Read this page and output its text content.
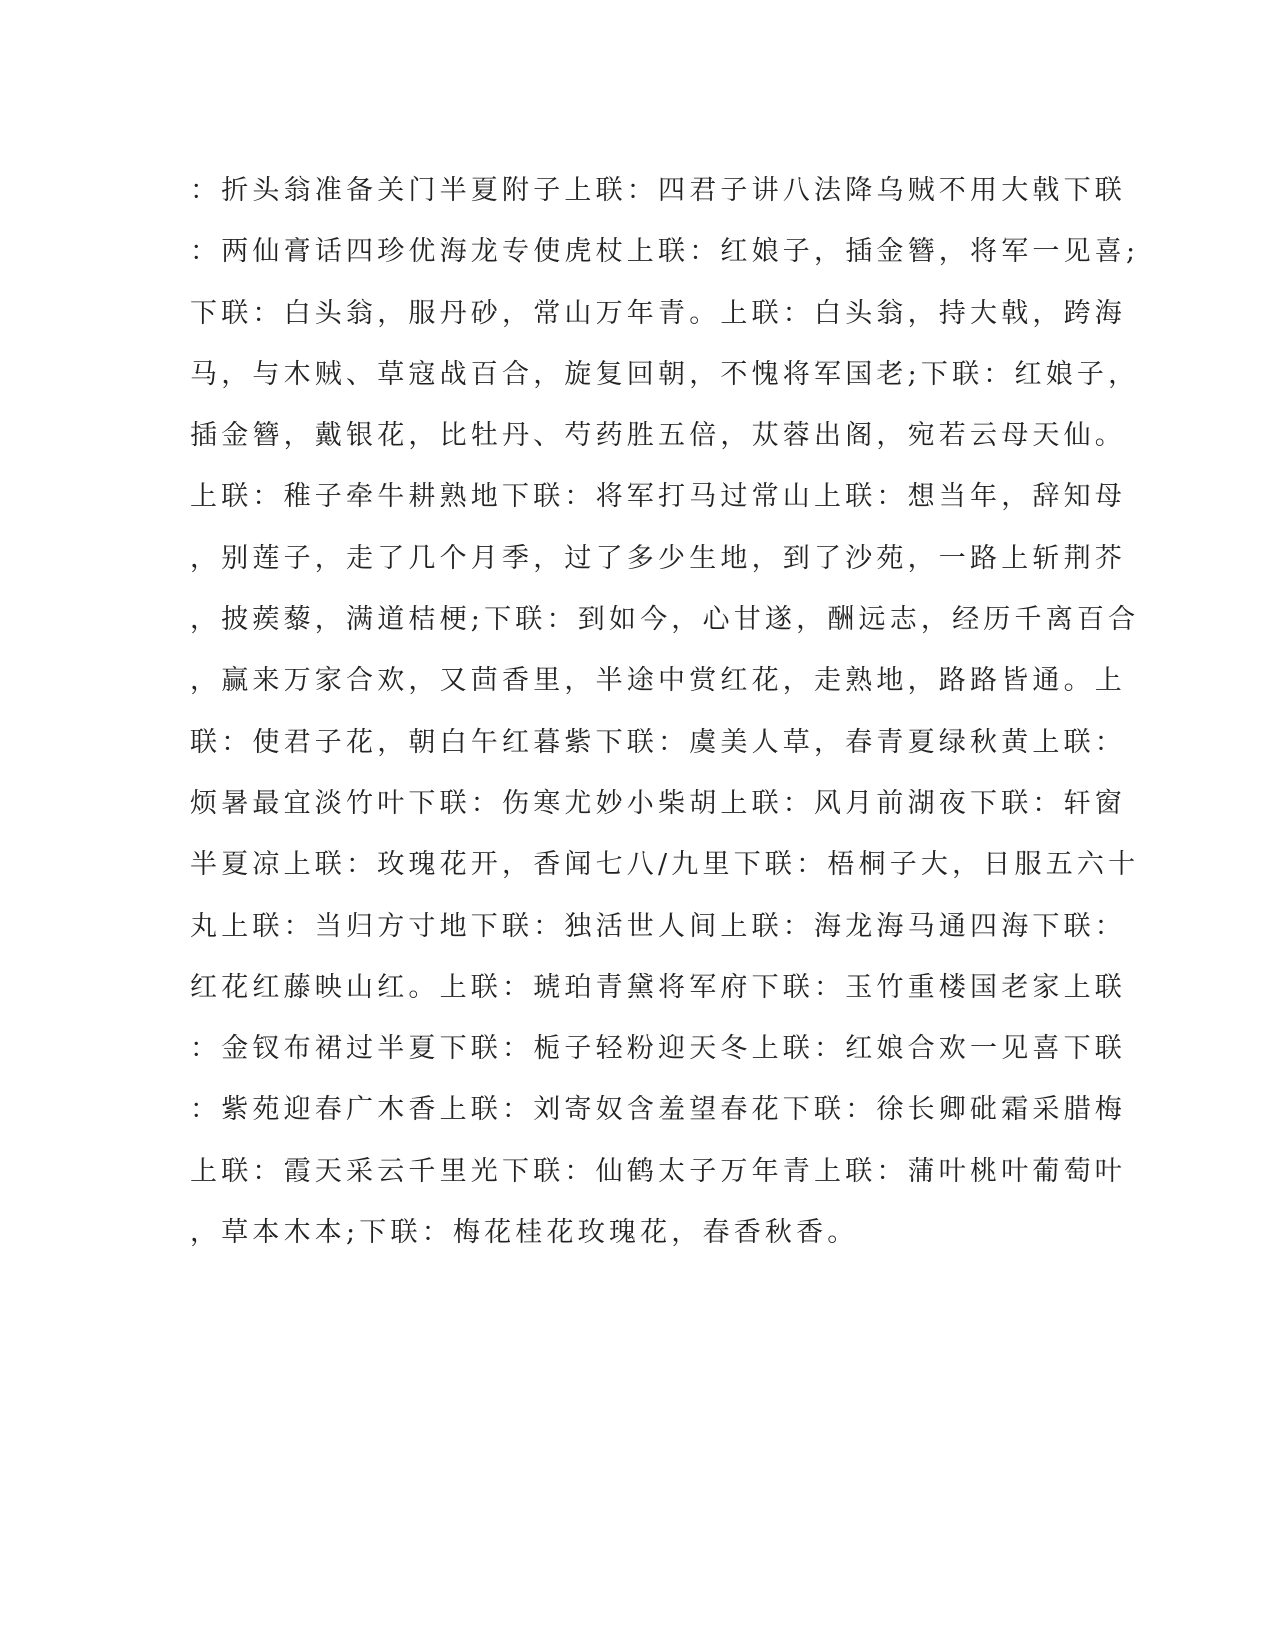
：折头翁准备关门半夏附子上联：四君子讲八法降乌贼不用大戟下联
：两仙膏话四珍优海龙专使虎杖上联：红娘子，插金簪，将军一见喜;
下联：白头翁，服丹砂，常山万年青。上联：白头翁，持大戟，跨海
马，与木贼、草寇战百合，旋复回朝，不愧将军国老;下联：红娘子，
插金簪，戴银花，比牡丹、芍药胜五倍，苁蓉出阁，宛若云母天仙。
上联：稚子牵牛耕熟地下联：将军打马过常山上联：想当年，辞知母
，别莲子，走了几个月季，过了多少生地，到了沙苑，一路上斩荆芥
，披蒺藜，满道桔梗;下联：到如今，心甘遂，酬远志，经历千离百合
，赢来万家合欢，又茴香里，半途中赏红花，走熟地，路路皆通。上
联：使君子花，朝白午红暮紫下联：虞美人草，春青夏绿秋黄上联：
烦暑最宜淡竹叶下联：伤寒尤妙小柴胡上联：风月前湖夜下联：轩窗
半夏凉上联：玫瑰花开，香闻七八/九里下联：梧桐子大，日服五六十
丸上联：当归方寸地下联：独活世人间上联：海龙海马通四海下联：
红花红藤映山红。上联：琥珀青黛将军府下联：玉竹重楼国老家上联
：金钗布裙过半夏下联：栀子轻粉迎天冬上联：红娘合欢一见喜下联
：紫苑迎春广木香上联：刘寄奴含羞望春花下联：徐长卿砒霜采腊梅
上联：霞天采云千里光下联：仙鹤太子万年青上联：蒲叶桃叶葡萄叶
，草本木本;下联：梅花桂花玫瑰花，春香秋香。
